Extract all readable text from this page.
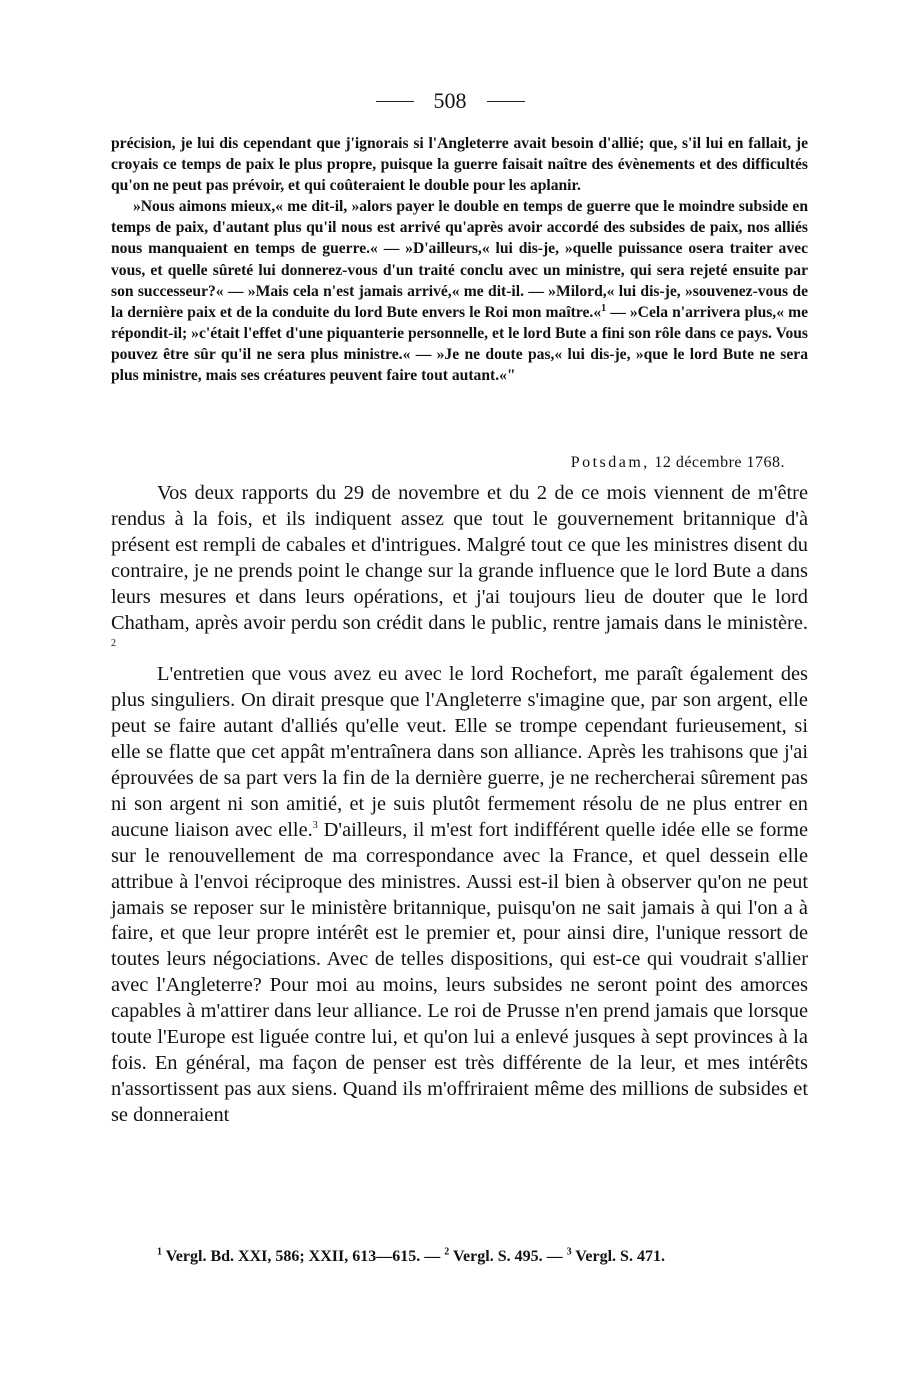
508

précision, je lui dis cependant que j'ignorais si l'Angleterre avait besoin d'allié; que, s'il lui en fallait, je croyais ce temps de paix le plus propre, puisque la guerre faisait naître des évènements et des difficultés qu'on ne peut pas prévoir, et qui coûteraient le double pour les aplanir.

»Nous aimons mieux,« me dit-il, »alors payer le double en temps de guerre que le moindre subside en temps de paix, d'autant plus qu'il nous est arrivé qu'après avoir accordé des subsides de paix, nos alliés nous manquaient en temps de guerre.« — »D'ailleurs,« lui dis-je, »quelle puissance osera traiter avec vous, et quelle sûreté lui donnerez-vous d'un traité conclu avec un ministre, qui sera rejeté ensuite par son successeur?« — »Mais cela n'est jamais arrivé,« me dit-il. — »Milord,« lui dis-je, »souvenez-vous de la dernière paix et de la conduite du lord Bute envers le Roi mon maître.«$^1$ — »Cela n'arrivera plus,« me répondit-il; »c'était l'effet d'une piquanterie personnelle, et le lord Bute a fini son rôle dans ce pays. Vous pouvez être sûr qu'il ne sera plus ministre.« — »Je ne doute pas,« lui dis-je, »que le lord Bute ne sera plus ministre, mais ses créatures peuvent faire tout autant.«"

Potsdam, 12 décembre 1768.

Vos deux rapports du 29 de novembre et du 2 de ce mois viennent de m'être rendus à la fois, et ils indiquent assez que tout le gouvernement britannique d'à présent est rempli de cabales et d'intrigues. Malgré tout ce que les ministres disent du contraire, je ne prends point le change sur la grande influence que le lord Bute a dans leurs mesures et dans leurs opérations, et j'ai toujours lieu de douter que le lord Chatham, après avoir perdu son crédit dans le public, rentre jamais dans le ministère. $^2$

L'entretien que vous avez eu avec le lord Rochefort, me paraît également des plus singuliers. On dirait presque que l'Angleterre s'imagine que, par son argent, elle peut se faire autant d'alliés qu'elle veut. Elle se trompe cependant furieusement, si elle se flatte que cet appât m'entraînera dans son alliance. Après les trahisons que j'ai éprouvées de sa part vers la fin de la dernière guerre, je ne rechercherai sûrement pas ni son argent ni son amitié, et je suis plutôt fermement résolu de ne plus entrer en aucune liaison avec elle.$^3$ D'ailleurs, il m'est fort indifférent quelle idée elle se forme sur le renouvellement de ma correspondance avec la France, et quel dessein elle attribue à l'envoi réciproque des ministres. Aussi est-il bien à observer qu'on ne peut jamais se reposer sur le ministère britannique, puisqu'on ne sait jamais à qui l'on a à faire, et que leur propre intérêt est le premier et, pour ainsi dire, l'unique ressort de toutes leurs négociations. Avec de telles dispositions, qui est-ce qui voudrait s'allier avec l'Angleterre? Pour moi au moins, leurs subsides ne seront point des amorces capables à m'attirer dans leur alliance. Le roi de Prusse n'en prend jamais que lorsque toute l'Europe est liguée contre lui, et qu'on lui a enlevé jusques à sept provinces à la fois. En général, ma façon de penser est très différente de la leur, et mes intérêts n'assortissent pas aux siens. Quand ils m'offriraient même des millions de subsides et se donneraient

$^1$ Vergl. Bd. XXI, 586; XXII, 613—615. — $^2$ Vergl. S. 495. — $^3$ Vergl. S. 471.
